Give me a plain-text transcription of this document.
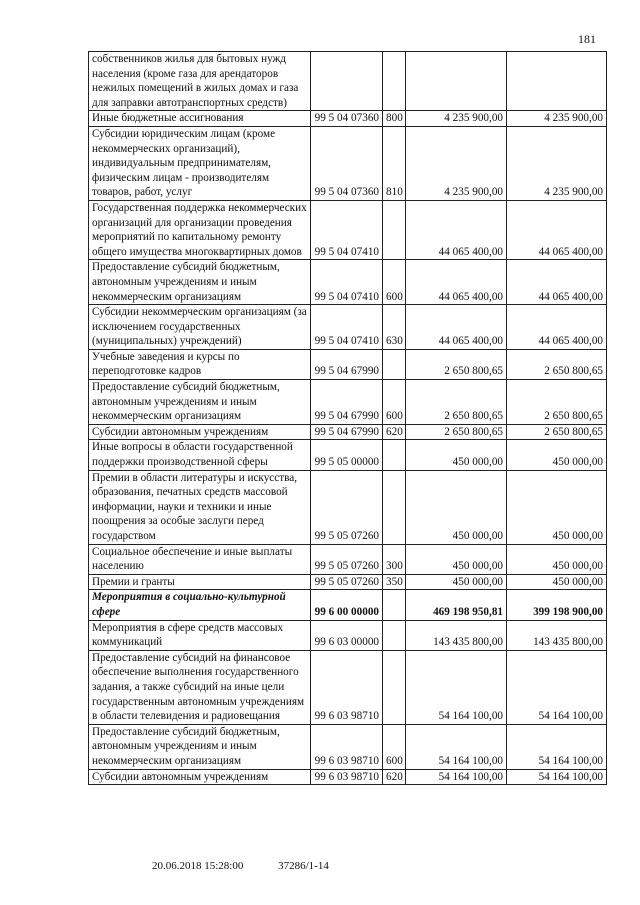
181
собственников жилья для бытовых нужд населения (кроме газа для арендаторов нежилых помещений в жилых домах и газа для заправки автотранспортных средств)				
Иные бюджетные ассигнования	99 5 04 07360	800	4 235 900,00	4 235 900,00
Субсидии юридическим лицам (кроме некоммерческих организаций), индивидуальным предпринимателям, физическим лицам - производителям товаров, работ, услуг	99 5 04 07360	810	4 235 900,00	4 235 900,00
Государственная поддержка некоммерческих организаций для организации проведения мероприятий по капитальному ремонту общего имущества многоквартирных домов	99 5 04 07410		44 065 400,00	44 065 400,00
Предоставление субсидий бюджетным, автономным учреждениям и иным некоммерческим организациям	99 5 04 07410	600	44 065 400,00	44 065 400,00
Субсидии некоммерческим организациям (за исключением государственных (муниципальных) учреждений)	99 5 04 07410	630	44 065 400,00	44 065 400,00
Учебные заведения и курсы по переподготовке кадров	99 5 04 67990		2 650 800,65	2 650 800,65
Предоставление субсидий бюджетным, автономным учреждениям и иным некоммерческим организациям	99 5 04 67990	600	2 650 800,65	2 650 800,65
Субсидии автономным учреждениям	99 5 04 67990	620	2 650 800,65	2 650 800,65
Иные вопросы в области государственной поддержки производственной сферы	99 5 05 00000		450 000,00	450 000,00
Премии в области литературы и искусства, образования, печатных средств массовой информации, науки и техники и иные поощрения за особые заслуги перед государством	99 5 05 07260		450 000,00	450 000,00
Социальное обеспечение и иные выплаты населению	99 5 05 07260	300	450 000,00	450 000,00
Премии и гранты	99 5 05 07260	350	450 000,00	450 000,00
Мероприятия в социально-культурной сфере	99 6 00 00000		469 198 950,81	399 198 900,00
Мероприятия в сфере средств массовых коммуникаций	99 6 03 00000		143 435 800,00	143 435 800,00
Предоставление субсидий на финансовое обеспечение выполнения государственного задания, а также субсидий на иные цели государственным автономным учреждениям в области телевидения и радиовещания	99 6 03 98710		54 164 100,00	54 164 100,00
Предоставление субсидий бюджетным, автономным учреждениям и иным некоммерческим организациям	99 6 03 98710	600	54 164 100,00	54 164 100,00
Субсидии автономным учреждениям	99 6 03 98710	620	54 164 100,00	54 164 100,00
20.06.2018 15:28:00	37286/1-14
